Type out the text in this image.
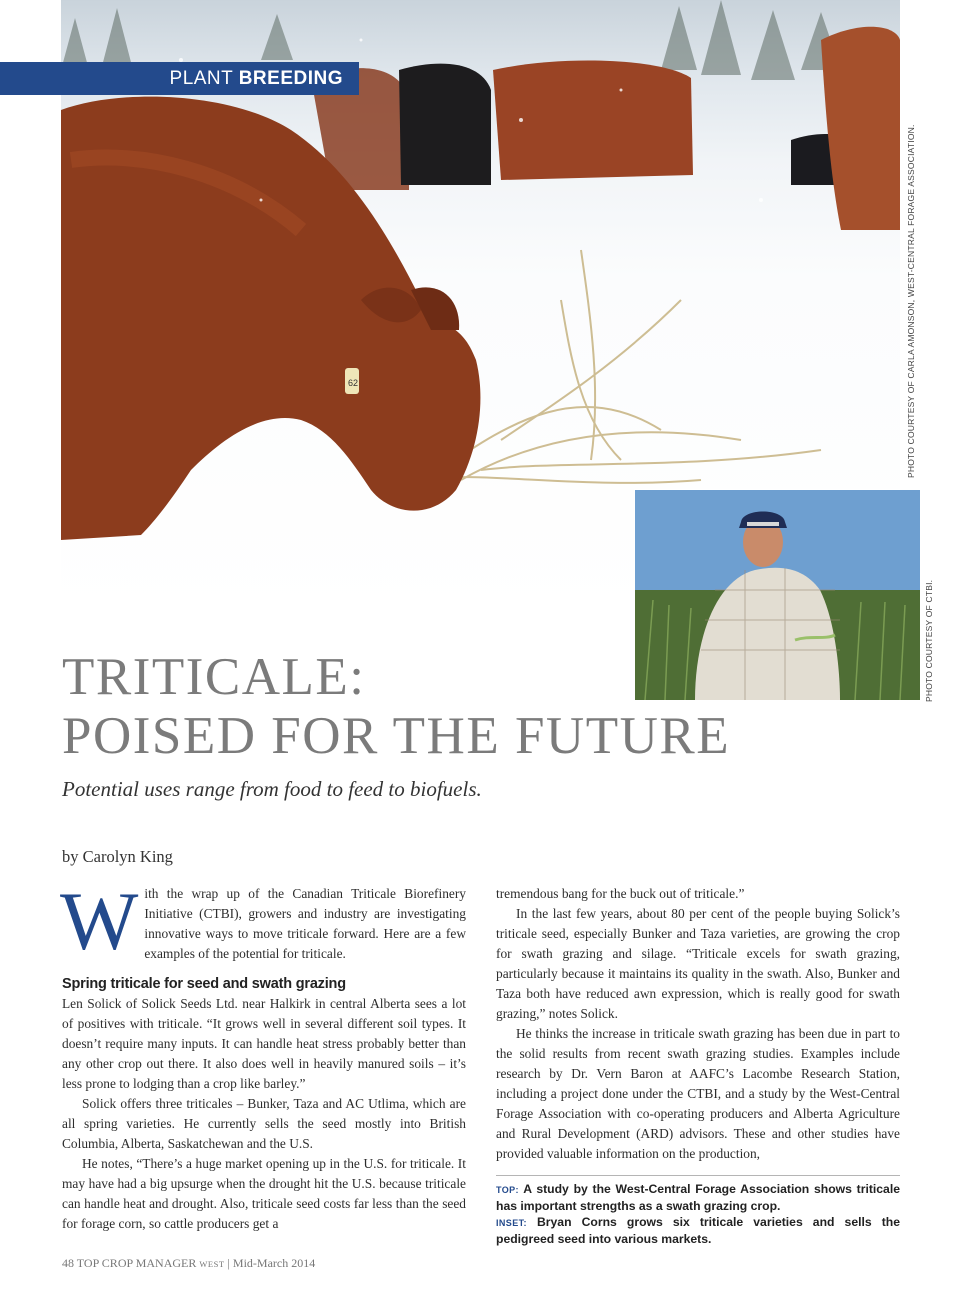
62
PLANT BREEDING
PHOTO COURTESY OF CARLA AMONSON, WEST-CENTRAL FORAGE ASSOCIATION.
PHOTO COURTESY OF CTBI.
TRITICALE:
POISED FOR THE FUTURE
Potential uses range from food to feed to biofuels.
by Carolyn King

With the wrap up of the Canadian Triticale Biorefinery Initiative (CTBI), growers and industry are investigating innovative ways to move triticale forward. Here are a few examples of the potential for triticale.

Spring triticale for seed and swath grazing

Len Solick of Solick Seeds Ltd. near Halkirk in central Alberta sees a lot of positives with triticale. “It grows well in several different soil types. It doesn’t require many inputs. It can handle heat stress probably better than any other crop out there. It also does well in heavily manured soils – it’s less prone to lodging than a crop like barley.”

Solick offers three triticales – Bunker, Taza and AC Utlima, which are all spring varieties. He currently sells the seed mostly into British Columbia, Alberta, Saskatchewan and the U.S.

He notes, “There’s a huge market opening up in the U.S. for triticale. It may have had a big upsurge when the drought hit the U.S. because triticale can handle heat and drought. Also, triticale seed costs far less than the seed for forage corn, so cattle producers get a

tremendous bang for the buck out of triticale.”

In the last few years, about 80 per cent of the people buying Solick’s triticale seed, especially Bunker and Taza varieties, are growing the crop for swath grazing and silage. “Triticale excels for swath grazing, particularly because it maintains its quality in the swath. Also, Bunker and Taza both have reduced awn expression, which is really good for swath grazing,” notes Solick.

He thinks the increase in triticale swath grazing has been due in part to the solid results from recent swath grazing studies. Examples include research by Dr. Vern Baron at AAFC’s Lacombe Research Station, including a project done under the CTBI, and a study by the West-Central Forage Association with co-operating producers and Alberta Agriculture and Rural Development (ARD) advisors. These and other studies have provided valuable information on the production,

TOP: A study by the West-Central Forage Association shows triticale has important strengths as a swath grazing crop.

INSET: Bryan Corns grows six triticale varieties and sells the pedigreed seed into various markets.

48 TOP CROP MANAGER WEST | Mid-March 2014
